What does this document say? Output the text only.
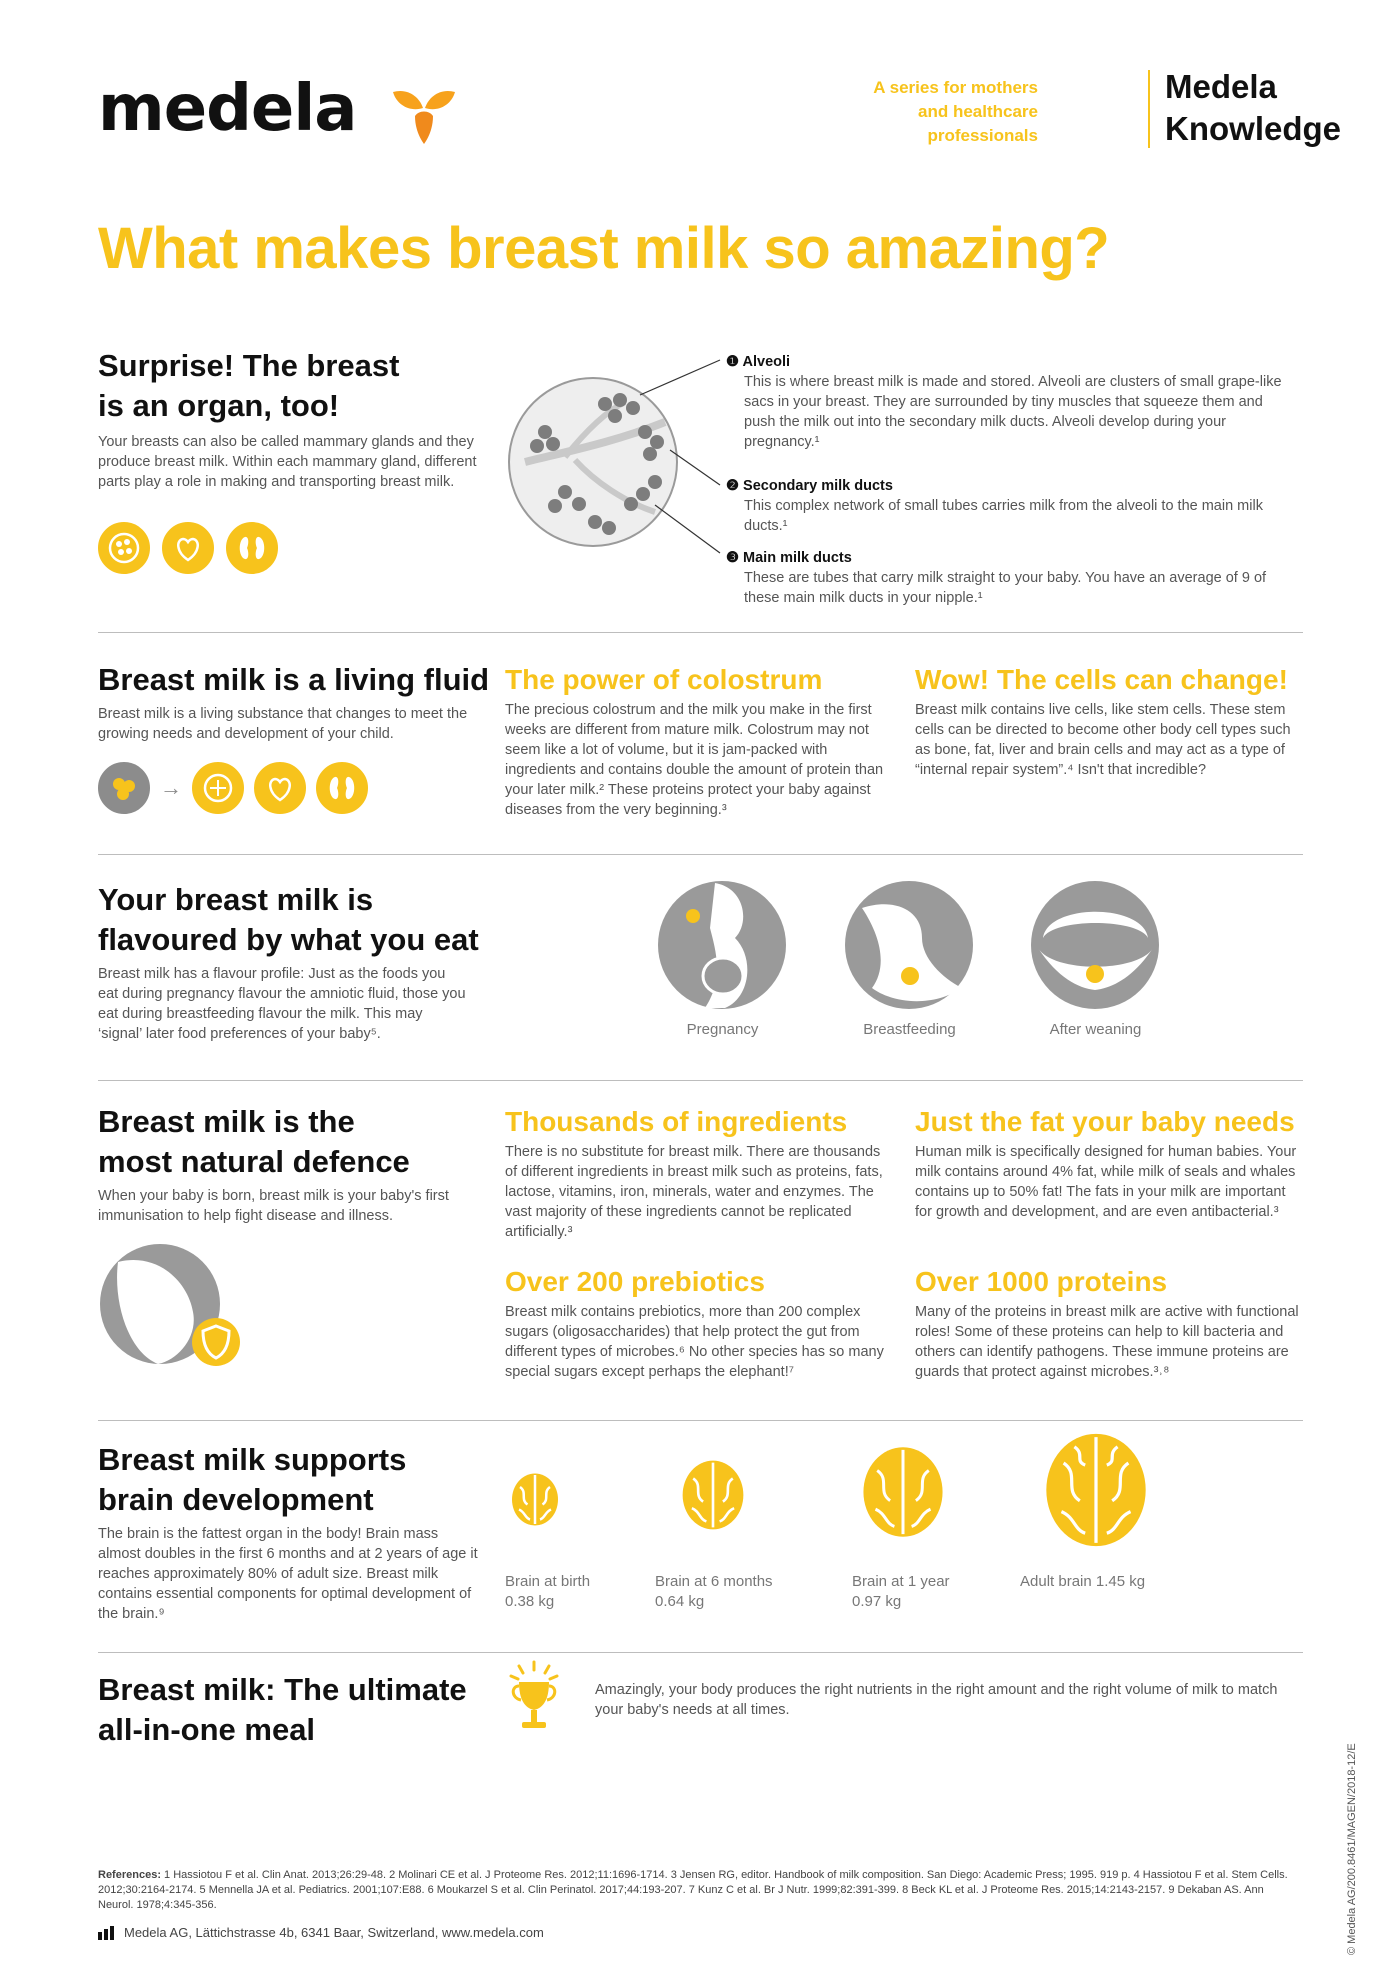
medela	A series for mothers
and healthcare
professionals
Medela
Knowledge
What makes breast milk so amazing?
Surprise! The breast
is an organ, too!
Your breasts can also be called mammary glands and they produce breast milk. Within each mammary gland, different parts play a role in making and transporting breast milk.
❶ Alveoli
This is where breast milk is made and stored. Alveoli are clusters of small grape-like sacs in your breast. They are surrounded by tiny muscles that squeeze them and push the milk out into the secondary milk ducts. Alveoli develop during your pregnancy.¹
❷ Secondary milk ducts
This complex network of small tubes carries milk from the alveoli to the main milk ducts.¹
❸ Main milk ducts
These are tubes that carry milk straight to your baby. You have an average of 9 of these main milk ducts in your nipple.¹
Breast milk is a living fluid
Breast milk is a living substance that changes to meet the growing needs and development of your child.
→
The power of colostrum
The precious colostrum and the milk you make in the first weeks are different from mature milk. Colostrum may not seem like a lot of volume, but it is jam-packed with ingredients and contains double the amount of protein than your later milk.² These proteins protect your baby against diseases from the very beginning.³
Wow! The cells can change!
Breast milk contains live cells, like stem cells. These stem cells can be directed to become other body cell types such as bone, fat, liver and brain cells and may act as a type of “internal repair system”.⁴ Isn't that incredible?
Your breast milk is
flavoured by what you eat
Breast milk has a flavour profile: Just as the foods you eat during pregnancy flavour the amniotic fluid, those you eat during breastfeeding flavour the milk. This may ‘signal’ later food preferences of your baby⁵.	Pregnancy	Breastfeeding	After weaning
Breast milk is the
most natural defence
When your baby is born, breast milk is your baby's first immunisation to help fight disease and illness.
Thousands of ingredients
There is no substitute for breast milk. There are thousands of different ingredients in breast milk such as proteins, fats, lactose, vitamins, iron, minerals, water and enzymes. The vast majority of these ingredients cannot be replicated artificially.³
Just the fat your baby needs
Human milk is specifically designed for human babies. Your milk contains around 4% fat, while milk of seals and whales contains up to 50% fat! The fats in your milk are important for growth and development, and are even antibacterial.³
Over 200 prebiotics
Breast milk contains prebiotics, more than 200 complex sugars (oligosaccharides) that help protect the gut from different types of microbes.⁶ No other species has so many special sugars except perhaps the elephant!⁷
Over 1000 proteins
Many of the proteins in breast milk are active with functional roles! Some of these proteins can help to kill bacteria and others can identify pathogens. These immune proteins are guards that protect against microbes.³˒⁸
Breast milk supports
brain development
The brain is the fattest organ in the body! Brain mass almost doubles in the first 6 months and at 2 years of age it reaches approximately 80% of adult size. Breast milk contains essential components for optimal development of the brain.⁹
Brain at birth
0.38 kg
Brain at 6 months
0.64 kg
Brain at 1 year
0.97 kg
Adult brain 1.45 kg
Breast milk: The ultimate
all-in-one meal
Amazingly, your body produces the right nutrients in the right amount and the right volume of milk to match your baby's needs at all times.
References: 1 Hassiotou F et al. Clin Anat. 2013;26:29-48. 2 Molinari CE et al. J Proteome Res. 2012;11:1696-1714. 3 Jensen RG, editor. Handbook of milk composition. San Diego: Academic Press; 1995. 919 p. 4 Hassiotou F et al. Stem Cells. 2012;30:2164-2174. 5 Mennella JA et al. Pediatrics. 2001;107:E88. 6 Moukarzel S et al. Clin Perinatol. 2017;44:193-207. 7 Kunz C et al. Br J Nutr. 1999;82:391-399. 8 Beck KL et al. J Proteome Res. 2015;14:2143-2157. 9 Dekaban AS. Ann Neurol. 1978;4:345-356.
Medela AG, Lättichstrasse 4b, 6341 Baar, Switzerland, www.medela.com	© Medela AG/200.8461/MAGEN/2018-12/E
